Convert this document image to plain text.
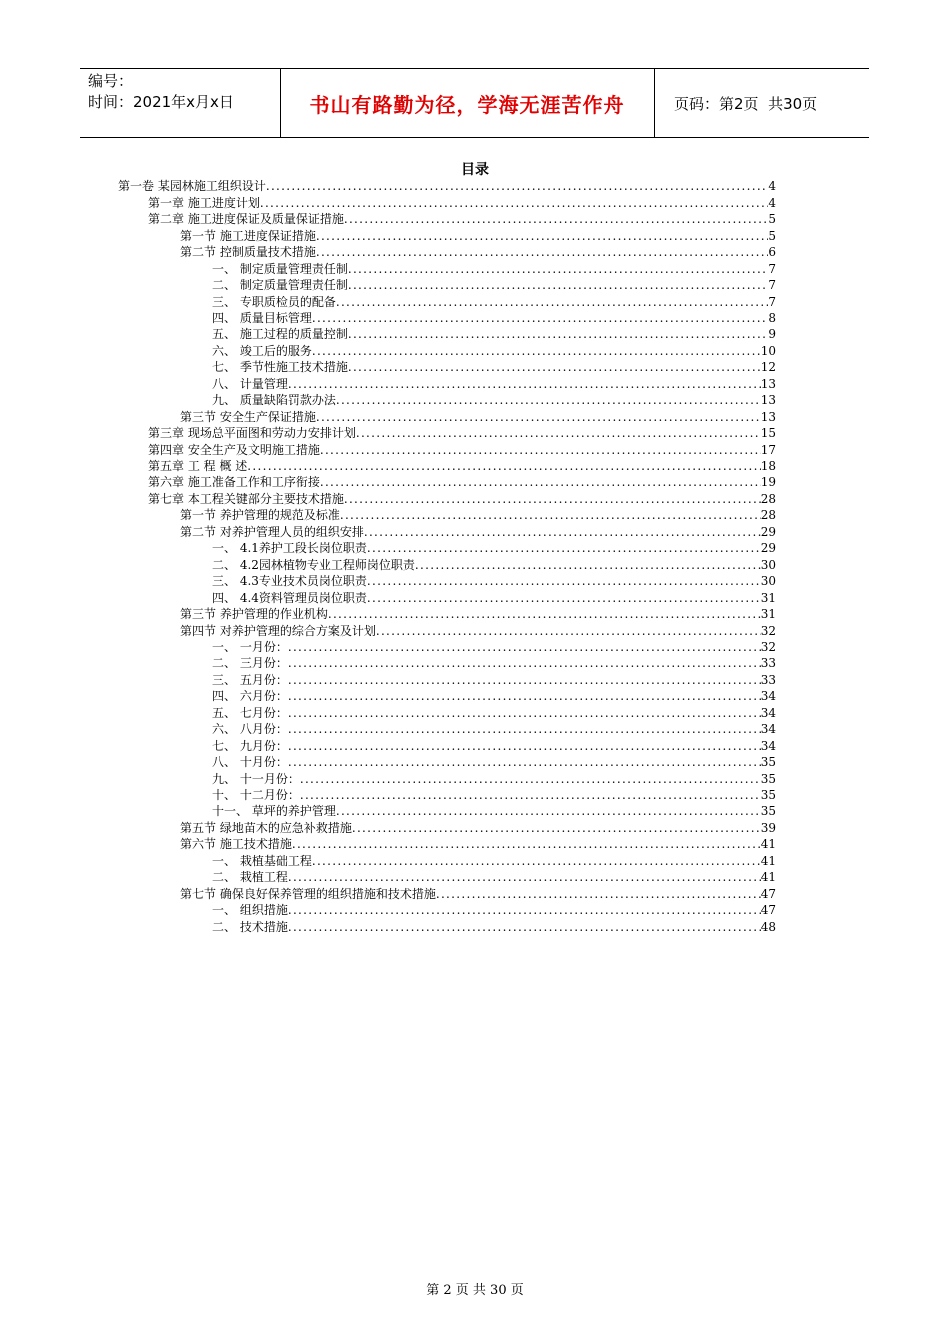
编号：
时间：2021年x月x日	书山有路勤为径，学海无涯苦作舟	页码：第2页  共30页
目录
第一卷 某园林施工组织设计 .....	4
第一章 施工进度计划 .....	4
第二章 施工进度保证及质量保证措施 .....	5
第一节 施工进度保证措施 .....	5
第二节 控制质量技术措施 .....	6
一、 制定质量管理责任制 .....	7
二、 制定质量管理责任制 .....	7
三、 专职质检员的配备 .....	7
四、 质量目标管理 .....	8
五、 施工过程的质量控制 .....	9
六、 竣工后的服务 .....	10
七、 季节性施工技术措施 .....	12
八、 计量管理 .....	13
九、 质量缺陷罚款办法 .....	13
第三节 安全生产保证措施 .....	13
第三章 现场总平面图和劳动力安排计划 .....	15
第四章 安全生产及文明施工措施 .....	17
第五章 工 程 概 述 .....	18
第六章 施工准备工作和工序衔接 .....	19
第七章 本工程关键部分主要技术措施 .....	28
第一节 养护管理的规范及标准 .....	28
第二节 对养护管理人员的组织安排 .....	29
一、 4.1养护工段长岗位职责 .....	29
二、 4.2园林植物专业工程师岗位职责 .....	30
三、 4.3专业技术员岗位职责 .....	30
四、 4.4资料管理员岗位职责 .....	31
第三节 养护管理的作业机构 .....	31
第四节 对养护管理的综合方案及计划 .....	32
一、 一月份： .....	32
二、 三月份： .....	33
三、 五月份： .....	33
四、 六月份： .....	34
五、 七月份： .....	34
六、 八月份： .....	34
七、 九月份： .....	34
八、 十月份： .....	35
九、 十一月份： .....	35
十、 十二月份： .....	35
十一、 草坪的养护管理 .....	35
第五节 绿地苗木的应急补救措施 .....	39
第六节 施工技术措施 .....	41
一、 栽植基础工程 .....	41
二、 栽植工程 .....	41
第七节 确保良好保养管理的组织措施和技术措施 .....	47
一、 组织措施 .....	47
二、 技术措施 .....	48
第 2 页 共 30 页
